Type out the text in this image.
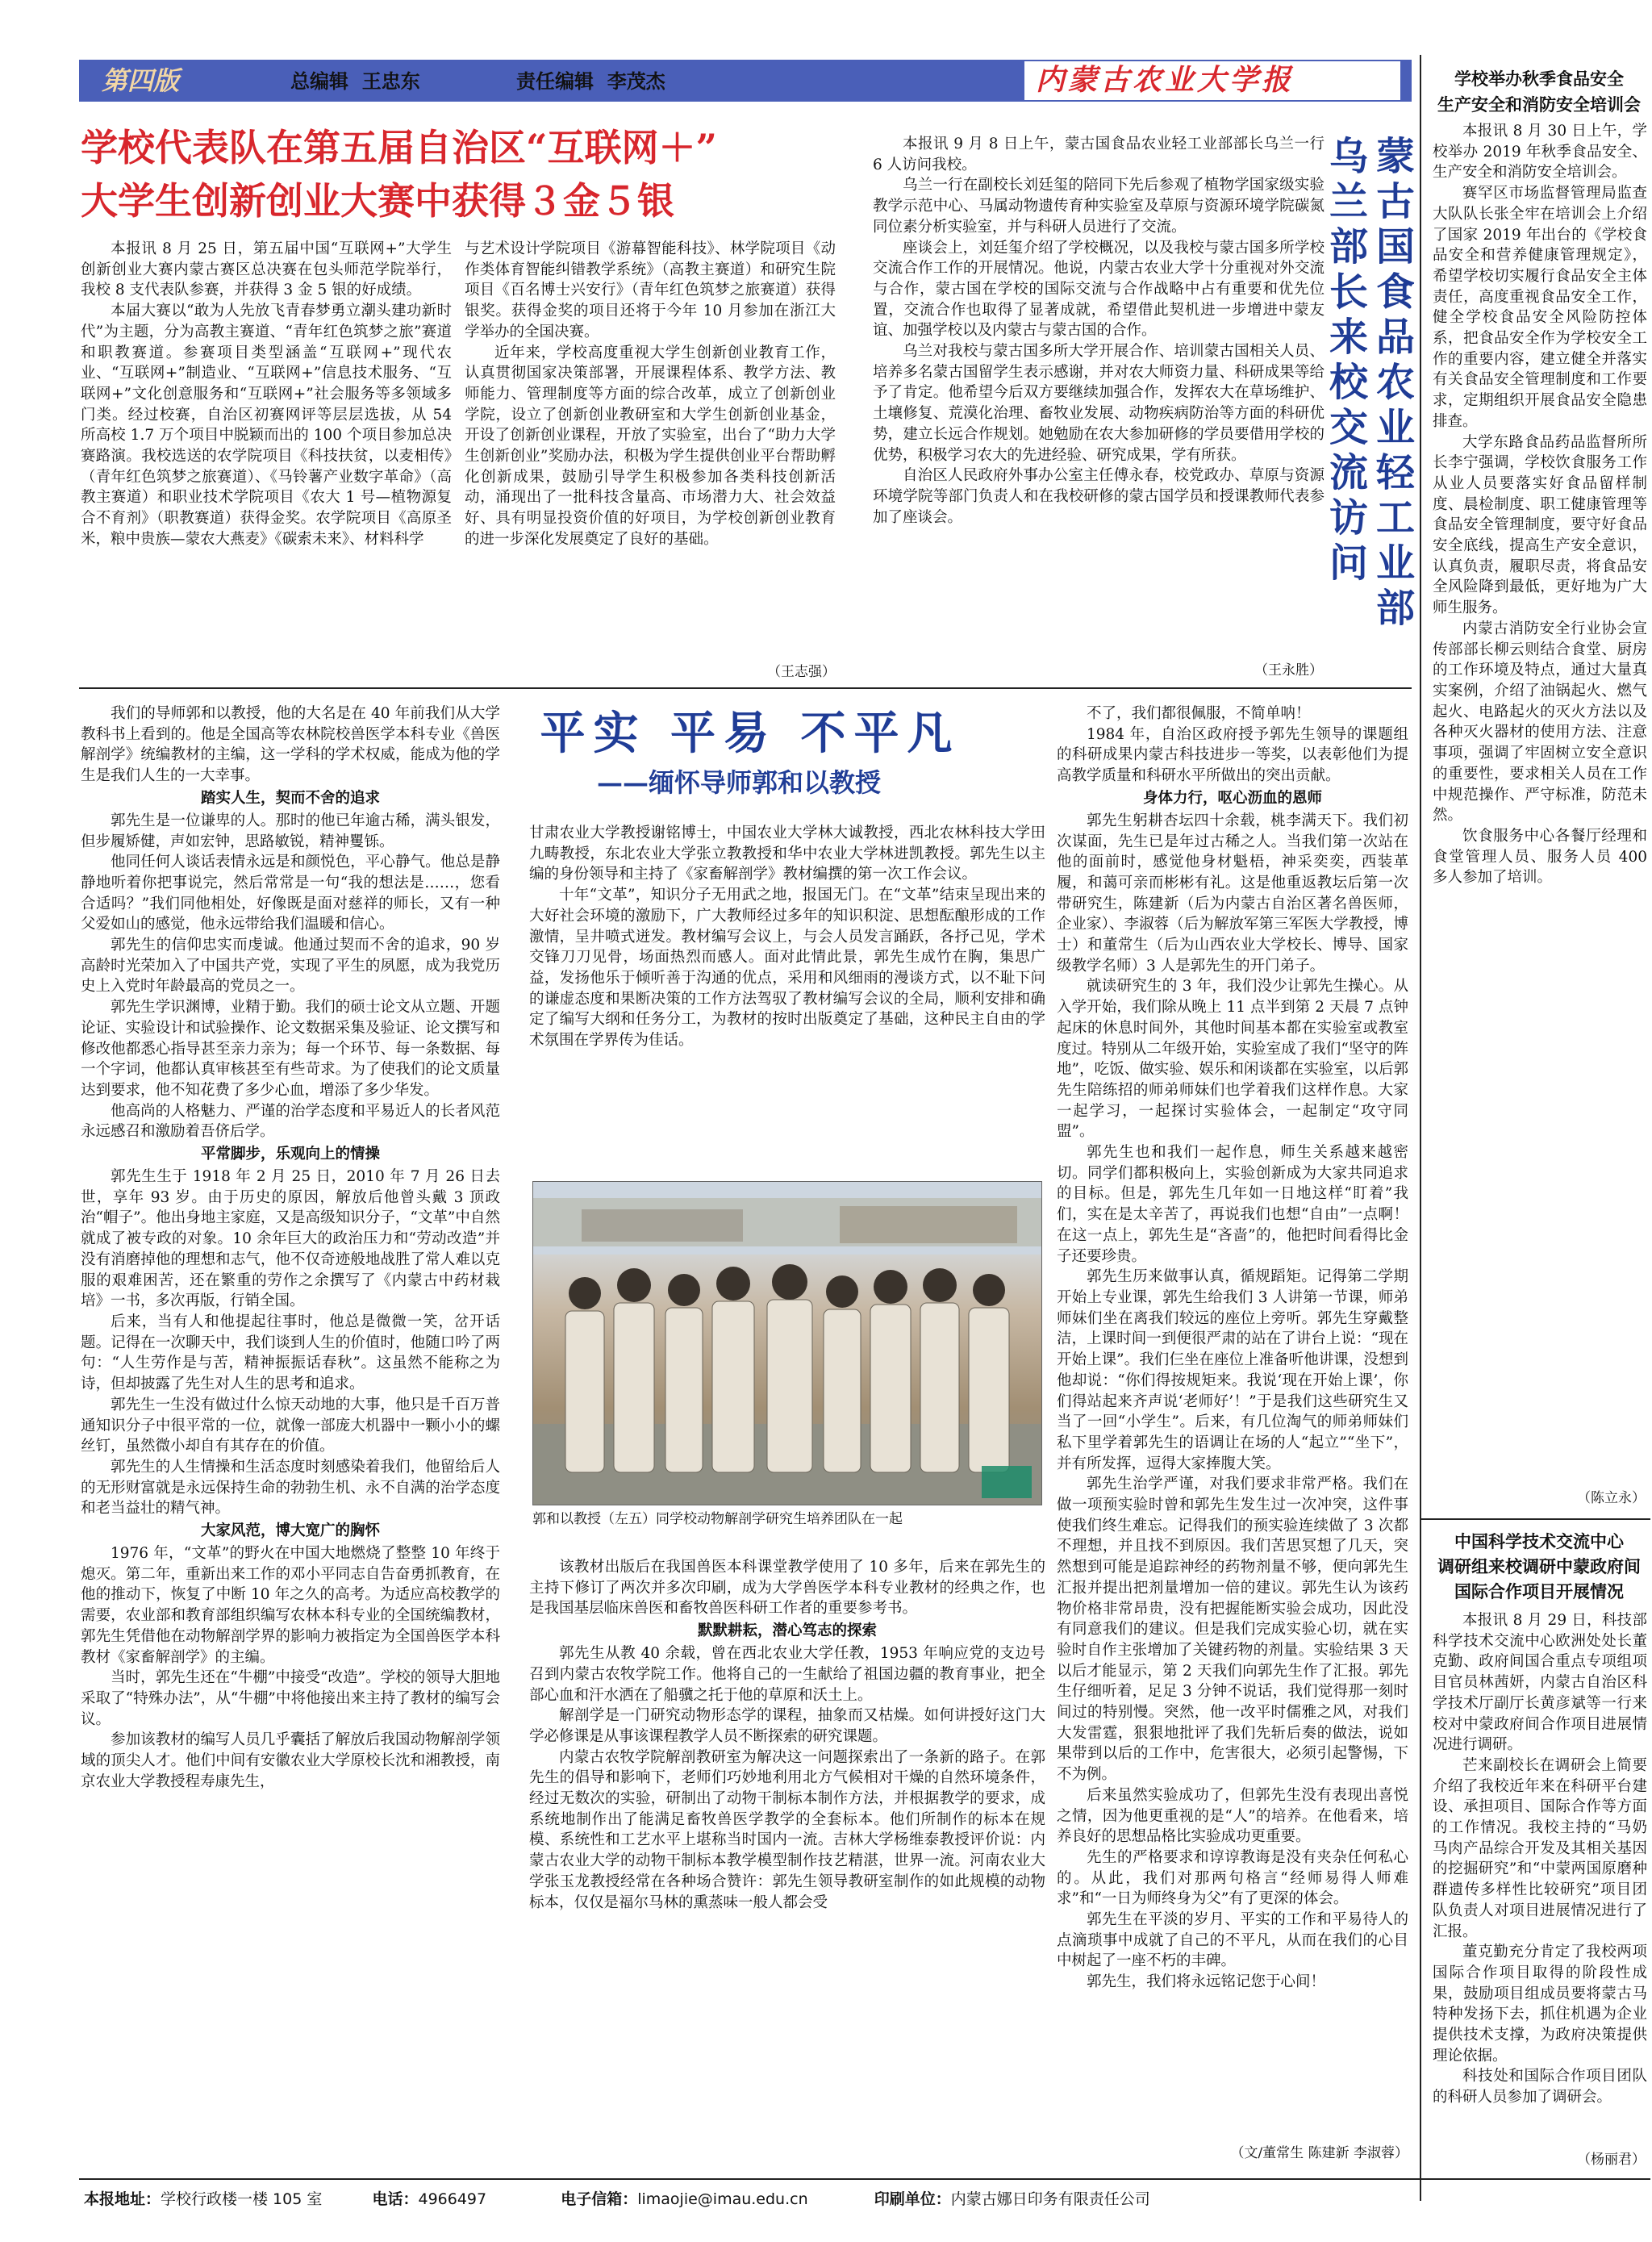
第四版	总编辑  王忠东	责任编辑  李茂杰	内蒙古农业大学报
学校代表队在第五届自治区“互联网＋”
大学生创新创业大赛中获得３金５银

本报讯 8 月 25 日，第五届中国“互联网+”大学生创新创业大赛内蒙古赛区总决赛在包头师范学院举行，我校 8 支代表队参赛，并获得 3 金 5 银的好成绩。

本届大赛以“敢为人先放飞青春梦勇立潮头建功新时代”为主题，分为高教主赛道、“青年红色筑梦之旅”赛道和职教赛道。参赛项目类型涵盖“互联网+”现代农业、“互联网+”制造业、“互联网+”信息技术服务、“互联网+”文化创意服务和“互联网+”社会服务等多领域多门类。经过校赛，自治区初赛网评等层层选拔，从 54 所高校 1.7 万个项目中脱颖而出的 100 个项目参加总决赛路演。我校选送的农学院项目《科技扶贫，以麦相传》（青年红色筑梦之旅赛道）、《马铃薯产业数字革命》（高教主赛道）和职业技术学院项目《农大 1 号—植物源复合不育剂》（职教赛道）获得金奖。农学院项目《高原圣米，粮中贵族—蒙农大燕麦》《碳索未来》、材料科学

与艺术设计学院项目《游幕智能科技》、林学院项目《动作类体育智能纠错教学系统》（高教主赛道）和研究生院项目《百名博士兴安行》（青年红色筑梦之旅赛道）获得银奖。获得金奖的项目还将于今年 10 月参加在浙江大学举办的全国决赛。

近年来，学校高度重视大学生创新创业教育工作，认真贯彻国家决策部署，开展课程体系、教学方法、教师能力、管理制度等方面的综合改革，成立了创新创业学院，设立了创新创业教研室和大学生创新创业基金，开设了创新创业课程，开放了实验室，出台了“助力大学生创新创业”奖励办法，积极为学生提供创业平台帮助孵化创新成果，鼓励引导学生积极参加各类科技创新活动，涌现出了一批科技含量高、市场潜力大、社会效益好、具有明显投资价值的好项目，为学校创新创业教育的进一步深化发展奠定了良好的基础。

（王志强）

本报讯 9 月 8 日上午，蒙古国食品农业轻工业部部长乌兰一行 6 人访问我校。

乌兰一行在副校长刘廷玺的陪同下先后参观了植物学国家级实验教学示范中心、马属动物遗传育种实验室及草原与资源环境学院碳氮同位素分析实验室，并与科研人员进行了交流。

座谈会上，刘廷玺介绍了学校概况，以及我校与蒙古国多所学校交流合作工作的开展情况。他说，内蒙古农业大学十分重视对外交流与合作，蒙古国在学校的国际交流与合作战略中占有重要和优先位置，交流合作也取得了显著成就，希望借此契机进一步增进中蒙友谊、加强学校以及内蒙古与蒙古国的合作。

乌兰对我校与蒙古国多所大学开展合作、培训蒙古国相关人员、培养多名蒙古国留学生表示感谢，并对农大师资力量、科研成果等给予了肯定。他希望今后双方要继续加强合作，发挥农大在草场维护、土壤修复、荒漠化治理、畜牧业发展、动物疾病防治等方面的科研优势，建立长远合作规划。她勉励在农大参加研修的学员要借用学校的优势，积极学习农大的先进经验、研究成果，学有所获。

自治区人民政府外事办公室主任傅永春，校党政办、草原与资源环境学院等部门负责人和在我校研修的蒙古国学员和授课教师代表参加了座谈会。

（王永胜）
蒙古国食品农业轻工业部
乌兰部长来校交流访问

我们的导师郭和以教授，他的大名是在 40 年前我们从大学教科书上看到的。他是全国高等农林院校兽医学本科专业《兽医解剖学》统编教材的主编，这一学科的学术权威，能成为他的学生是我们人生的一大幸事。

踏实人生，契而不舍的追求

郭先生是一位谦卑的人。那时的他已年逾古稀，满头银发，但步履矫健，声如宏钟，思路敏锐，精神矍铄。

他同任何人谈话表情永远是和颜悦色，平心静气。他总是静静地听着你把事说完，然后常常是一句“我的想法是……，您看合适吗？”我们同他相处，好像既是面对慈祥的师长，又有一种父爱如山的感觉，他永远带给我们温暖和信心。

郭先生的信仰忠实而虔诚。他通过契而不舍的追求，90 岁高龄时光荣加入了中国共产党，实现了平生的夙愿，成为我党历史上入党时年龄最高的党员之一。

郭先生学识渊博，业精于勤。我们的硕士论文从立题、开题论证、实验设计和试验操作、论文数据采集及验证、论文撰写和修改他都悉心指导甚至亲力亲为；每一个环节、每一条数据、每一个字词，他都认真审核甚至有些苛求。为了使我们的论文质量达到要求，他不知花费了多少心血，增添了多少华发。

他高尚的人格魅力、严谨的治学态度和平易近人的长者风范永远感召和激励着吾侪后学。

平常脚步，乐观向上的情操

郭先生生于 1918 年 2 月 25 日，2010 年 7 月 26 日去世，享年 93 岁。由于历史的原因，解放后他曾头戴 3 顶政治“帽子”。他出身地主家庭，又是高级知识分子，“文革”中自然就成了被专政的对象。10 余年巨大的政治压力和“劳动改造”并没有消磨掉他的理想和志气，他不仅奇迹般地战胜了常人难以克服的艰难困苦，还在繁重的劳作之余撰写了《内蒙古中药材栽培》一书，多次再版，行销全国。

后来，当有人和他提起往事时，他总是微微一笑，岔开话题。记得在一次聊天中，我们谈到人生的价值时，他随口吟了两句：“人生劳作是与苦，精神振振话春秋”。这虽然不能称之为诗，但却披露了先生对人生的思考和追求。

郭先生一生没有做过什么惊天动地的大事，他只是千百万普通知识分子中很平常的一位，就像一部庞大机器中一颗小小的螺丝钉，虽然微小却自有其存在的价值。

郭先生的人生情操和生活态度时刻感染着我们，他留给后人的无形财富就是永远保持生命的勃勃生机、永不自满的治学态度和老当益壮的精气神。

大家风范，博大宽广的胸怀

1976 年，“文革”的野火在中国大地燃烧了整整 10 年终于熄灭。第二年，重新出来工作的邓小平同志自告奋勇抓教育，在他的推动下，恢复了中断 10 年之久的高考。为适应高校教学的需要，农业部和教育部组织编写农林本科专业的全国统编教材，郭先生凭借他在动物解剖学界的影响力被指定为全国兽医学本科教材《家畜解剖学》的主编。

当时，郭先生还在“牛棚”中接受“改造”。学校的领导大胆地采取了“特殊办法”，从“牛棚”中将他接出来主持了教材的编写会议。

参加该教材的编写人员几乎囊括了解放后我国动物解剖学领域的顶尖人才。他们中间有安徽农业大学原校长沈和湘教授，南京农业大学教授程寿康先生，

平实 平易 不平凡
——缅怀导师郭和以教授

甘肃农业大学教授谢铭博士，中国农业大学林大诚教授，西北农林科技大学田九畴教授，东北农业大学张立教教授和华中农业大学林进凯教授。郭先生以主编的身份领导和主持了《家畜解剖学》教材编撰的第一次工作会议。

十年“文革”，知识分子无用武之地，报国无门。在“文革”结束呈现出来的大好社会环境的激励下，广大教师经过多年的知识积淀、思想酝酿形成的工作激情，呈井喷式迸发。教材编写会议上，与会人员发言踊跃，各抒己见，学术交锋刀刀见骨，场面热烈而感人。面对此情此景，郭先生成竹在胸，集思广益，发扬他乐于倾听善于沟通的优点，采用和风细雨的漫谈方式，以不耻下问的谦虚态度和果断决策的工作方法驾驭了教材编写会议的全局，顺利安排和确定了编写大纲和任务分工，为教材的按时出版奠定了基础，这种民主自由的学术氛围在学界传为佳话。

郭和以教授（左五）同学校动物解剖学研究生培养团队在一起

该教材出版后在我国兽医本科课堂教学使用了 10 多年，后来在郭先生的主持下修订了两次并多次印刷，成为大学兽医学本科专业教材的经典之作，也是我国基层临床兽医和畜牧兽医科研工作者的重要参考书。

默默耕耘，潜心笃志的探索

郭先生从教 40 余载，曾在西北农业大学任教，1953 年响应党的支边号召到内蒙古农牧学院工作。他将自己的一生献给了祖国边疆的教育事业，把全部心血和汗水洒在了船骥之托于他的草原和沃土上。

解剖学是一门研究动物形态学的课程，抽象而又枯燥。如何讲授好这门大学必修课是从事该课程教学人员不断探索的研究课题。

内蒙古农牧学院解剖教研室为解决这一问题探索出了一条新的路子。在郭先生的倡导和影响下，老师们巧妙地利用北方气候相对干燥的自然环境条件，经过无数次的实验，研制出了动物干制标本制作方法，并根据教学的要求，成系统地制作出了能满足畜牧兽医学教学的全套标本。他们所制作的标本在规模、系统性和工艺水平上堪称当时国内一流。吉林大学杨维泰教授评价说：内蒙古农业大学的动物干制标本教学模型制作技艺精湛，世界一流。河南农业大学张玉龙教授经常在各种场合赞许：郭先生领导教研室制作的如此规模的动物标本，仅仅是福尔马林的熏蒸味一般人都会受

不了，我们都很佩服，不简单呐！

1984 年，自治区政府授予郭先生领导的课题组的科研成果内蒙古科技进步一等奖，以表彰他们为提高教学质量和科研水平所做出的突出贡献。

身体力行，呕心沥血的恩师

郭先生躬耕杏坛四十余载，桃李满天下。我们初次谋面，先生已是年过古稀之人。当我们第一次站在他的面前时，感觉他身材魁梧，神采奕奕，西装革履，和蔼可亲而彬彬有礼。这是他重返教坛后第一次带研究生，陈建新（后为内蒙古自治区著名兽医师，企业家）、李淑蓉（后为解放军第三军医大学教授，博士）和董常生（后为山西农业大学校长、博导、国家级教学名师）3 人是郭先生的开门弟子。

就读研究生的 3 年，我们没少让郭先生操心。从入学开始，我们除从晚上 11 点半到第 2 天晨 7 点钟起床的休息时间外，其他时间基本都在实验室或教室度过。特别从二年级开始，实验室成了我们“坚守的阵地”，吃饭、做实验、娱乐和闲谈都在实验室，以后郭先生陪练招的师弟师妹们也学着我们这样作息。大家一起学习，一起探讨实验体会，一起制定“攻守同盟”。

郭先生也和我们一起作息，师生关系越来越密切。同学们都积极向上，实验创新成为大家共同追求的目标。但是，郭先生几年如一日地这样“盯着”我们，实在是太辛苦了，再说我们也想“自由”一点啊！在这一点上，郭先生是“吝啬”的，他把时间看得比金子还要珍贵。

郭先生历来做事认真，循规蹈矩。记得第二学期开始上专业课，郭先生给我们 3 人讲第一节课，师弟师妹们坐在离我们较远的座位上旁听。郭先生穿戴整洁，上课时间一到便很严肃的站在了讲台上说：“现在开始上课”。我们仨坐在座位上准备听他讲课，没想到他却说：“你们得按规矩来。我说‘现在开始上课’，你们得站起来齐声说‘老师好’！”于是我们这些研究生又当了一回“小学生”。后来，有几位淘气的师弟师妹们私下里学着郭先生的语调让在场的人“起立”“坐下”，并有所发挥，逗得大家捧腹大笑。

郭先生治学严谨，对我们要求非常严格。我们在做一项预实验时曾和郭先生发生过一次冲突，这件事使我们终生难忘。记得我们的预实验连续做了 3 次都不理想，并且找不到原因。我们苦思冥想了几天，突然想到可能是追踪神经的药物剂量不够，便向郭先生汇报并提出把剂量增加一倍的建议。郭先生认为该药物价格非常昂贵，没有把握能断实验会成功，因此没有同意我们的建议。但是我们完成实验心切，就在实验时自作主张增加了关键药物的剂量。实验结果 3 天以后才能显示，第 2 天我们向郭先生作了汇报。郭先生仔细听着，足足 3 分钟不说话，我们觉得那一刻时间过的特别慢。突然，他一改平时儒雅之风，对我们大发雷霆，狠狠地批评了我们先斩后奏的做法，说如果带到以后的工作中，危害很大，必须引起警惕，下不为例。

后来虽然实验成功了，但郭先生没有表现出喜悦之情，因为他更重视的是“人”的培养。在他看来，培养良好的思想品格比实验成功更重要。

先生的严格要求和谆谆教诲是没有夹杂任何私心的。从此，我们对那两句格言“经师易得人师难求”和“一日为师终身为父”有了更深的体会。

郭先生在平淡的岁月、平实的工作和平易待人的点滴琐事中成就了自己的不平凡，从而在我们的心目中树起了一座不朽的丰碑。

郭先生，我们将永远铭记您于心间！

（文/董常生 陈建新 李淑蓉）
学校举办秋季食品安全
生产安全和消防安全培训会

本报讯 8 月 30 日上午，学校举办 2019 年秋季食品安全、生产安全和消防安全培训会。

赛罕区市场监督管理局监查大队队长张全牢在培训会上介绍了国家 2019 年出台的《学校食品安全和营养健康管理规定》，希望学校切实履行食品安全主体责任，高度重视食品安全工作，健全学校食品安全风险防控体系，把食品安全作为学校安全工作的重要内容，建立健全并落实有关食品安全管理制度和工作要求，定期组织开展食品安全隐患排查。

大学东路食品药品监督所所长李宁强调，学校饮食服务工作从业人员要落实好食品留样制度、晨检制度、职工健康管理等食品安全管理制度，要守好食品安全底线，提高生产安全意识，认真负责，履职尽责，将食品安全风险降到最低，更好地为广大师生服务。

内蒙古消防安全行业协会宣传部部长柳云则结合食堂、厨房的工作环境及特点，通过大量真实案例，介绍了油锅起火、燃气起火、电路起火的灭火方法以及各种灭火器材的使用方法、注意事项，强调了牢固树立安全意识的重要性，要求相关人员在工作中规范操作、严守标准，防范未然。

饮食服务中心各餐厅经理和食堂管理人员、服务人员 400 多人参加了培训。

（陈立永）
中国科学技术交流中心
调研组来校调研中蒙政府间
国际合作项目开展情况

本报讯 8 月 29 日，科技部科学技术交流中心欧洲处处长董克勤、政府间国合重点专项组项目官员林茜妍，内蒙古自治区科学技术厅副厅长黄彦斌等一行来校对中蒙政府间合作项目进展情况进行调研。

芒来副校长在调研会上简要介绍了我校近年来在科研平台建设、承担项目、国际合作等方面的工作情况。我校主持的“马奶马肉产品综合开发及其相关基因的挖掘研究”和“中蒙两国原磨种群遗传多样性比较研究”项目团队负责人对项目进展情况进行了汇报。

董克勤充分肯定了我校两项国际合作项目取得的阶段性成果，鼓励项目组成员要将蒙古马特种发扬下去，抓住机遇为企业提供技术支撑，为政府决策提供理论依据。

科技处和国际合作项目团队的科研人员参加了调研会。

（杨丽君）
本报地址：学校行政楼一楼 105 室	电话：4966497	电子信箱：limaojie@imau.edu.cn	印刷单位：内蒙古娜日印务有限责任公司
